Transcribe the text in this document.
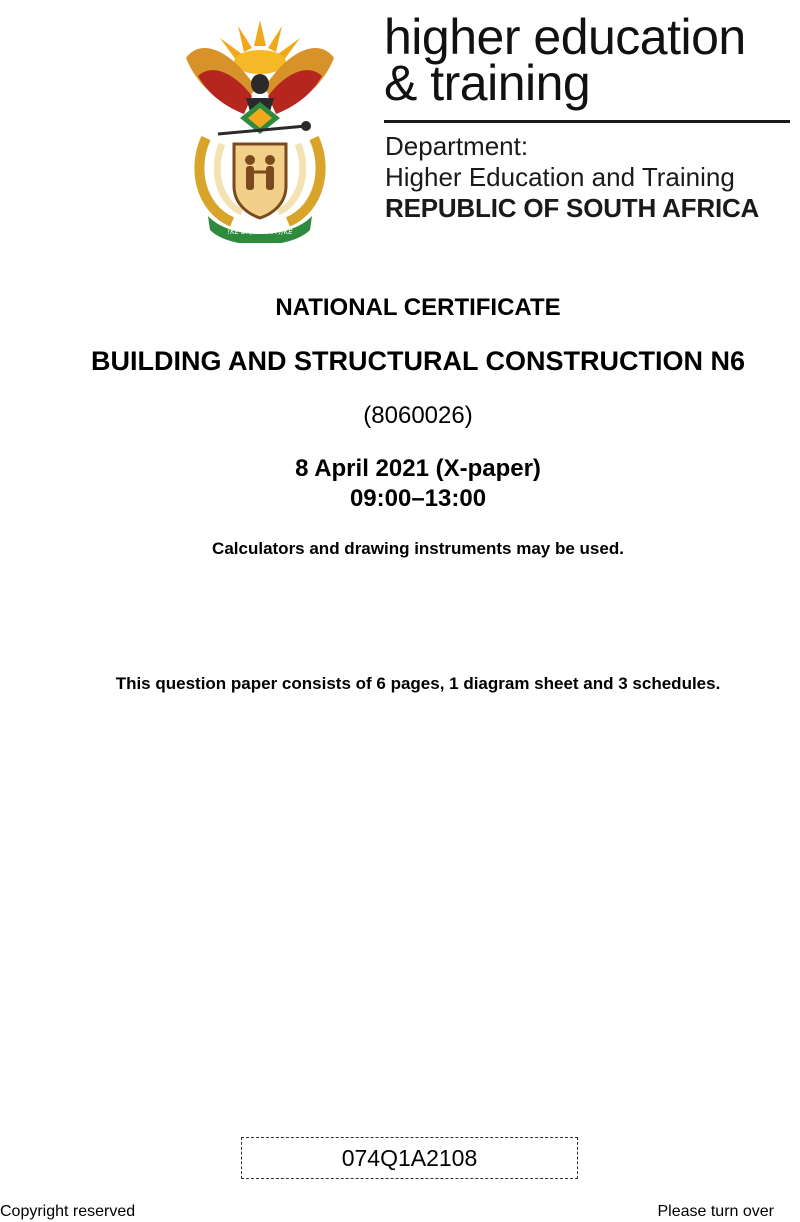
!KE E: /XARRA //KE
higher education
& training
Department:
Higher Education and Training
REPUBLIC OF SOUTH AFRICA
NATIONAL CERTIFICATE
BUILDING AND STRUCTURAL CONSTRUCTION N6
(8060026)
8 April 2021 (X-paper)
09:00–13:00
Calculators and drawing instruments may be used.
This question paper consists of 6 pages, 1 diagram sheet and 3 schedules.
074Q1A2108
Copyright reserved	Please turn over
